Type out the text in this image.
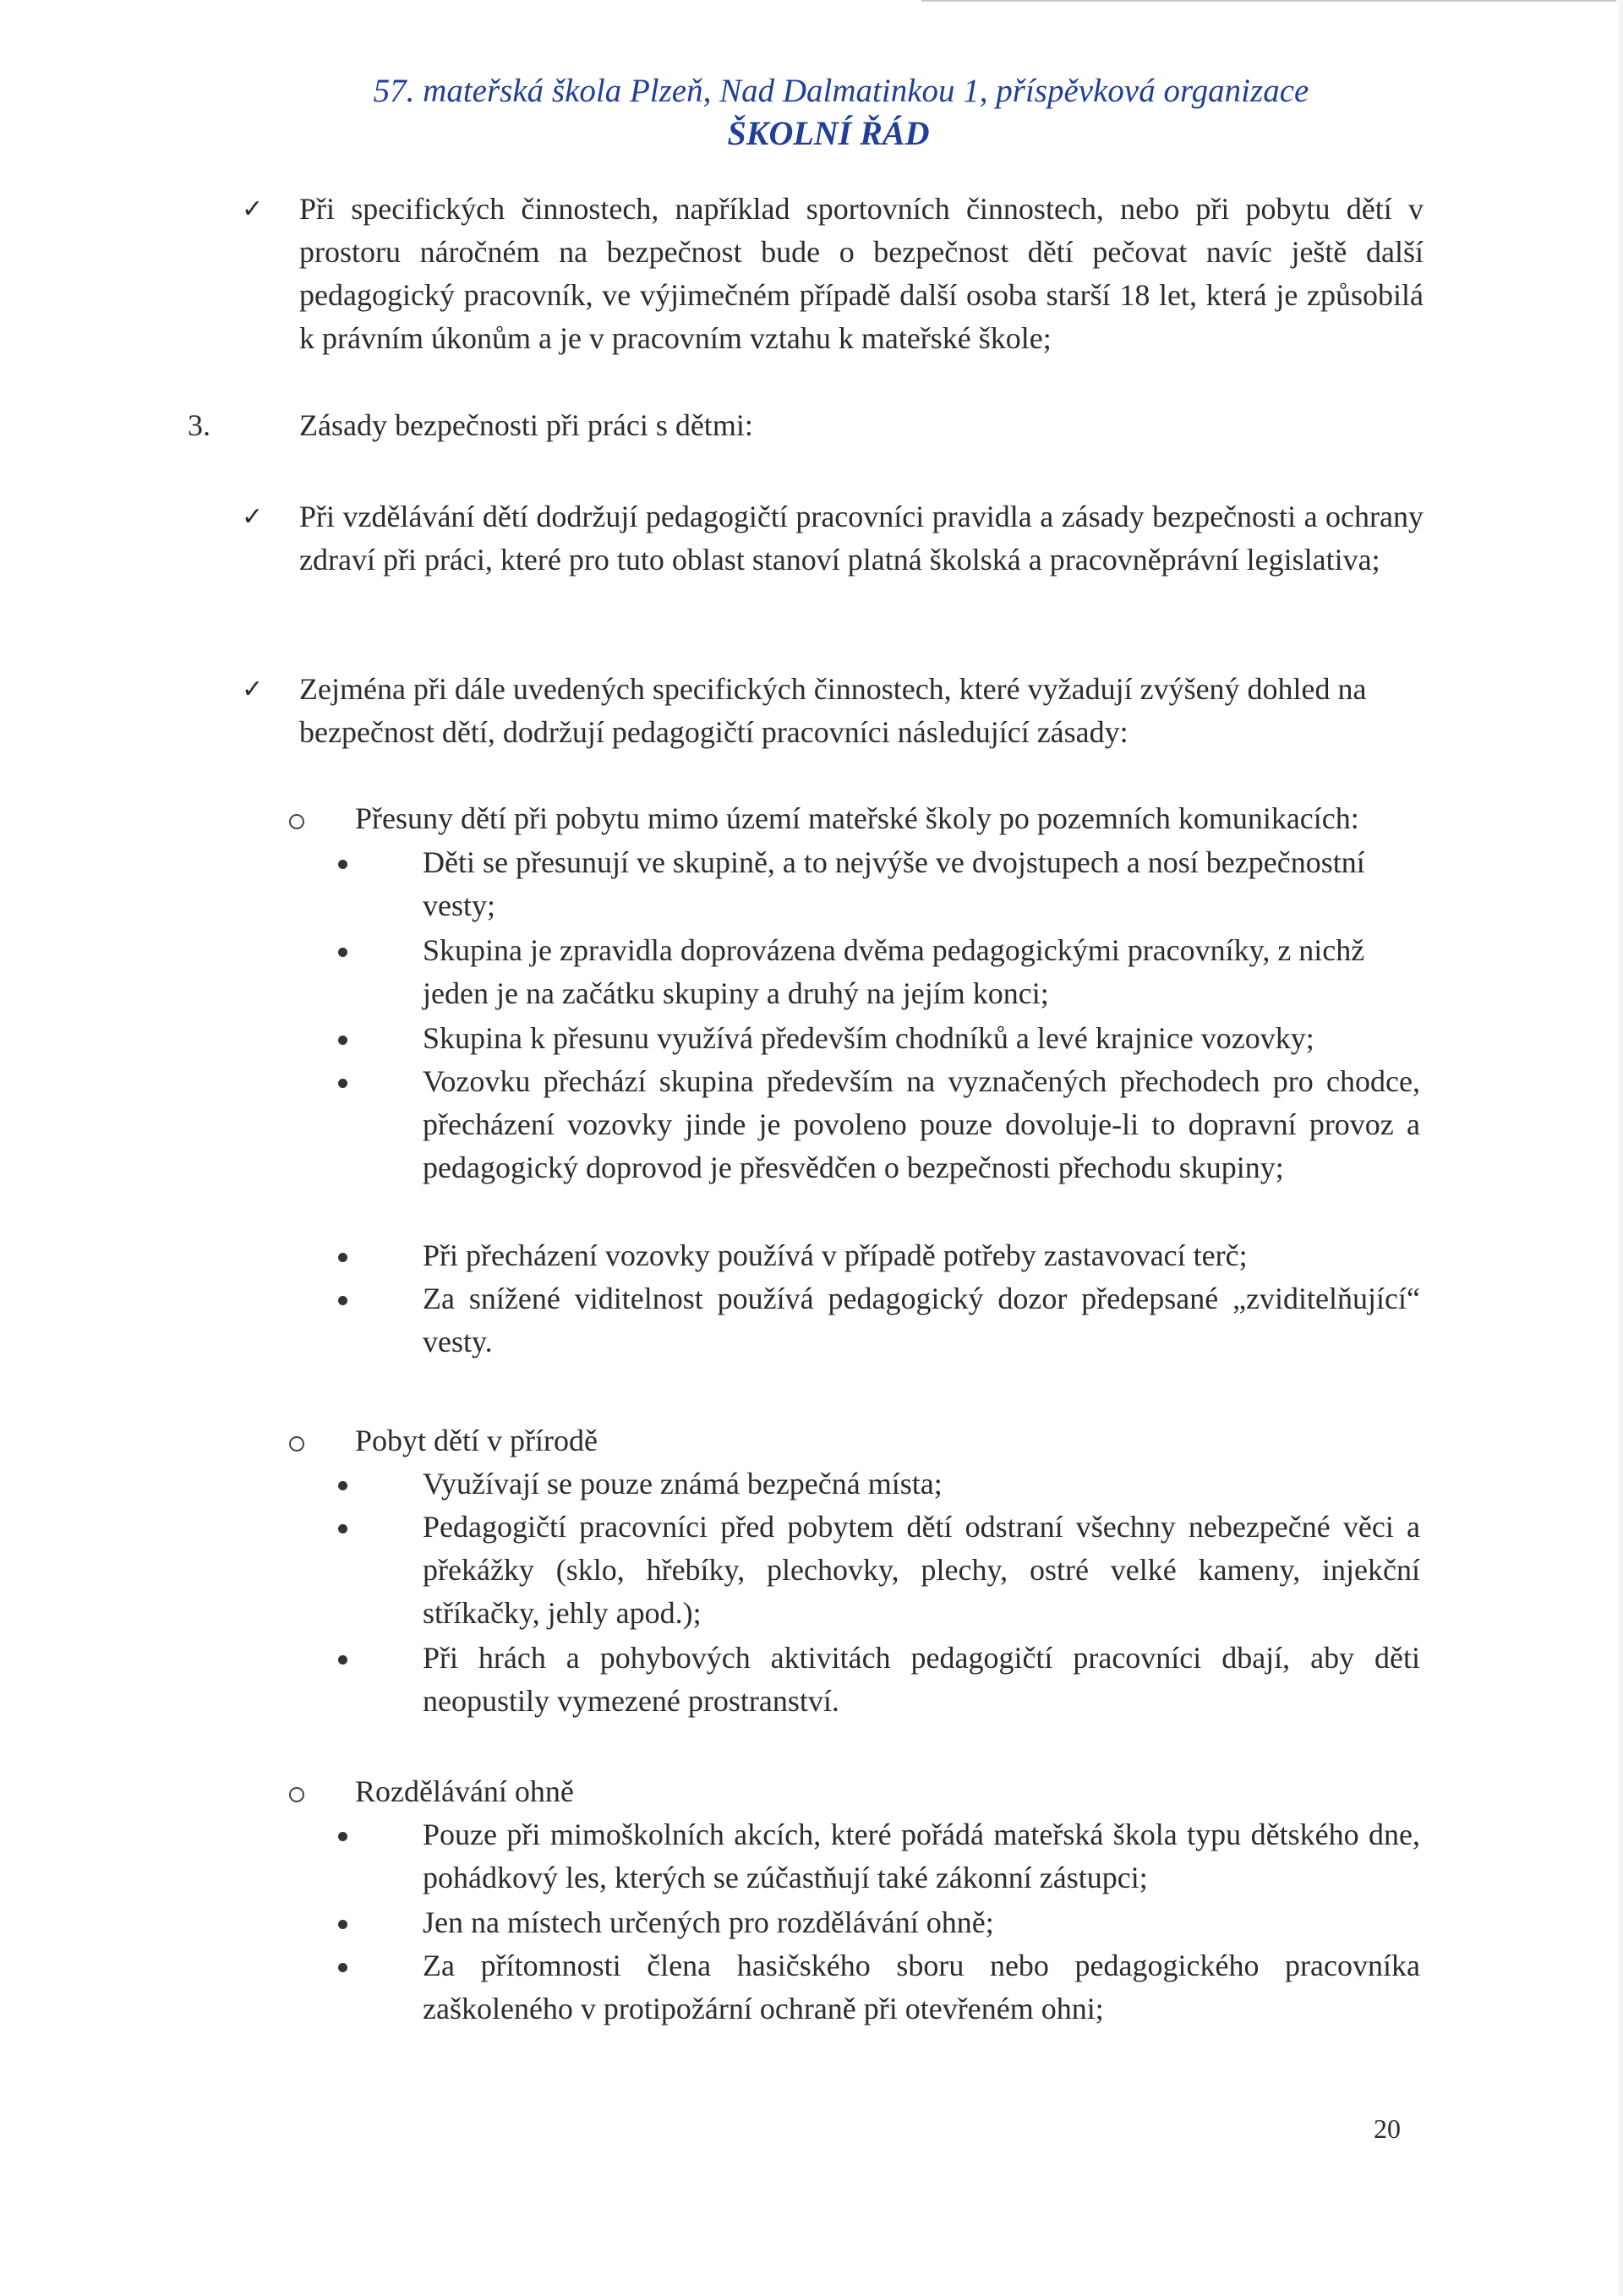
57. mateřská škola Plzeň, Nad Dalmatinkou 1, příspěvková organizace
ŠKOLNÍ ŘÁD
✓ Při specifických činnostech, například sportovních činnostech, nebo při pobytu dětí v prostoru náročném na bezpečnost bude o bezpečnost dětí pečovat navíc ještě další pedagogický pracovník, ve výjimečném případě další osoba starší 18 let, která je způsobilá k právním úkonům a je v pracovním vztahu k mateřské škole;

3.	Zásady bezpečnosti při práci s dětmi:

✓ Při vzdělávání dětí dodržují pedagogičtí pracovníci pravidla a zásady bezpečnosti a ochrany zdraví při práci, které pro tuto oblast stanoví platná školská a pracovněprávní legislativa;

✓ Zejména při dále uvedených specifických činnostech, které vyžadují zvýšený dohled na bezpečnost dětí, dodržují pedagogičtí pracovníci následující zásady:

Přesuny dětí při pobytu mimo území mateřské školy po pozemních komunikacích:

Děti se přesunují ve skupině, a to nejvýše ve dvojstupech a nosí bezpečnostní vesty;

Skupina je zpravidla doprovázena dvěma pedagogickými pracovníky, z nichž jeden je na začátku skupiny a druhý na jejím konci;

Skupina k přesunu využívá především chodníků a levé krajnice vozovky;

Vozovku přechází skupina především na vyznačených přechodech pro chodce, přecházení vozovky jinde je povoleno pouze dovoluje-li to dopravní provoz a pedagogický doprovod je přesvědčen o bezpečnosti přechodu skupiny;

Při přecházení vozovky používá v případě potřeby zastavovací terč;

Za snížené viditelnost používá pedagogický dozor předepsané „zviditelňující“ vesty.

Pobyt dětí v přírodě

Využívají se pouze známá bezpečná místa;

Pedagogičtí pracovníci před pobytem dětí odstraní všechny nebezpečné věci a překážky (sklo, hřebíky, plechovky, plechy, ostré velké kameny, injekční stříkačky, jehly apod.);

Při hrách a pohybových aktivitách pedagogičtí pracovníci dbají, aby děti neopustily vymezené prostranství.

Rozdělávání ohně

Pouze při mimoškolních akcích, které pořádá mateřská škola typu dětského dne, pohádkový les, kterých se zúčastňují také zákonní zástupci;

Jen na místech určených pro rozdělávání ohně;

Za přítomnosti člena hasičského sboru nebo pedagogického pracovníka zaškoleného v protipožární ochraně při otevřeném ohni;

20
